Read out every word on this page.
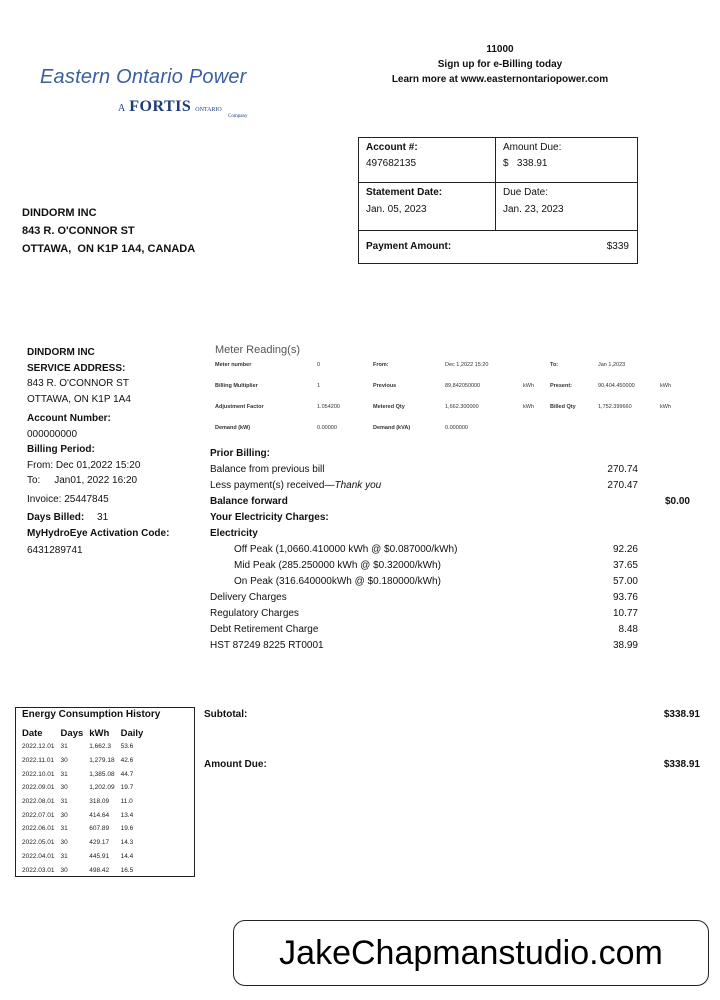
Eastern Ontario Power
A FORTIS ONTARIO
Company
11000
Sign up for e-Billing today
Learn more at www.easternontariopower.com
Account #:
497682135
Amount Due:
$   338.91
Statement Date:
Jan. 05, 2023
Due Date:
Jan. 23, 2023
Payment Amount:	$339
DINDORM INC
843 R. O'CONNOR ST
OTTAWA,  ON K1P 1A4, CANADA
DINDORM INC
SERVICE ADDRESS:
843 R. O'CONNOR ST
OTTAWA, ON K1P 1A4
Account Number:
000000000
Billing Period:
From: Dec 01,2022 15:20
To:     Jan01, 2022 16:20
Invoice: 25447845
Days Billed: 31
MyHydroEye Activation Code:
6431289741
Meter Reading(s)
Meter number	0	From:	Dec 1,2022 15:20	To:	Jan 1,2023
Billing Multiplier	1	Previous	89,842050000	kWh	Present:	90,404.450000	kWh
Adjustment Factor	1.054200	Metered Qty	1,662.300000	kWh	Billed Qty	1,752.399660	kWh
Demand (kW)	0.00000	Demand (kVA)	0.000000
Prior Billing:
Balance from previous bill	270.74
Less payment(s) received—Thank you	270.47
Balance forward	$0.00
Your Electricity Charges:
Electricity
Off Peak (1,0660.410000 kWh @ $0.087000/kWh)	92.26
Mid Peak (285.250000 kWh @ $0.32000/kWh)	37.65
On Peak (316.640000kWh @ $0.180000/kWh)	57.00
Delivery Charges	93.76
Regulatory Charges	10.77
Debt Retirement Charge	8.48
HST 87249 8225 RT0001	38.99
Energy Consumption History
Date	Days	kWh	Daily
2022.12.01	31	1,662.3	53.6
2022.11.01	30	1,279.18	42.6
2022.10.01	31	1,385.08	44.7
2022.09.01	30	1,202.09	19.7
2022.08.01	31	318.09	11.0
2022.07.01	30	414.64	13.4
2022.06.01	31	607.89	19.6
2022.05.01	30	429.17	14.3
2022.04.01	31	445.91	14.4
2022.03.01	30	498.42	16.5
Subtotal:	$338.91
Amount Due:	$338.91
JakeChapmanstudio.com
